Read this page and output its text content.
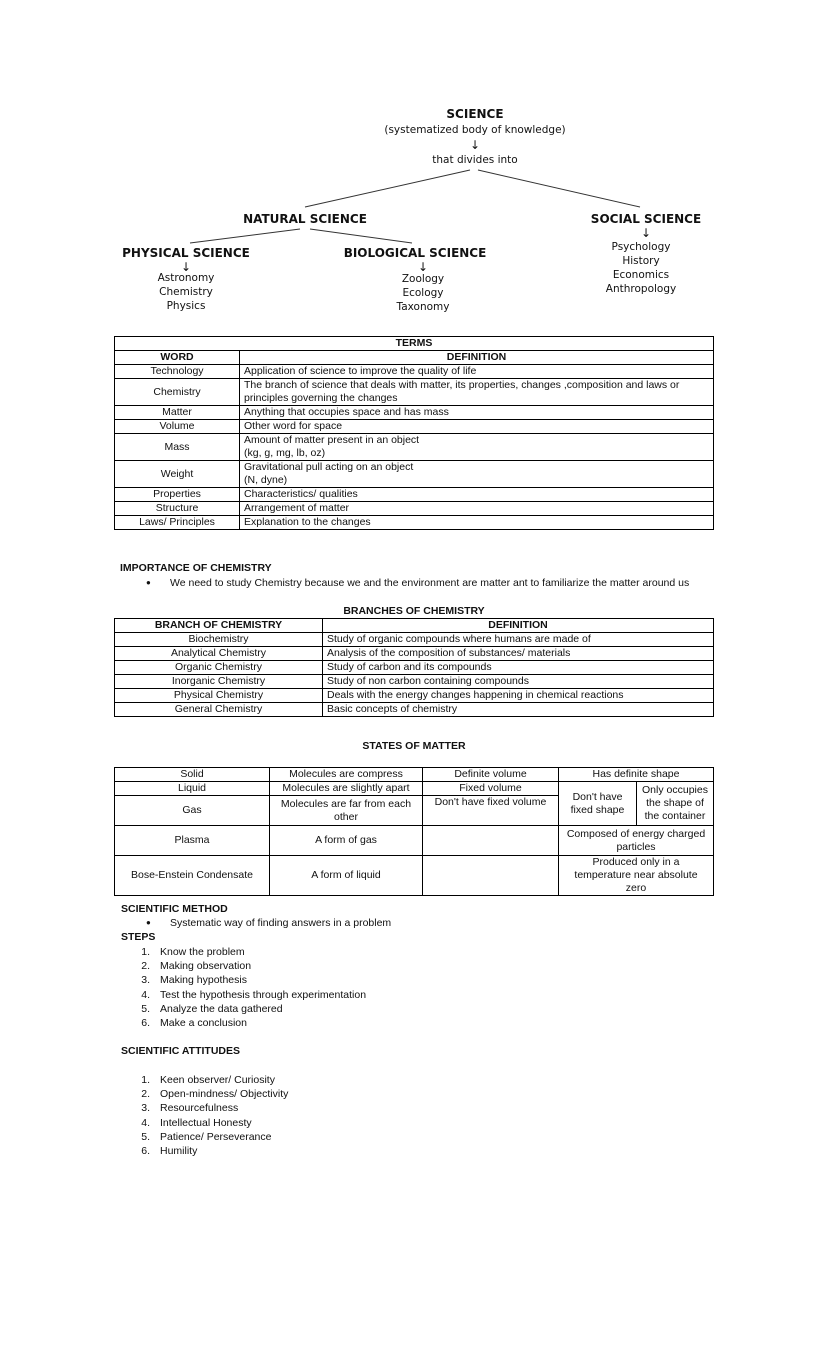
SCIENCE
(systematized body of knowledge)
↓
that divides into
NATURAL SCIENCE	SOCIAL SCIENCE
↓
PHYSICAL SCIENCE
↓
BIOLOGICAL SCIENCE
↓
Astronomy
Chemistry
Physics
Zoology
Ecology
Taxonomy
Psychology
History
Economics
Anthropology
TERMS	
WORD	DEFINITION
Technology	Application of science to improve the quality of life
Chemistry	The branch of science that deals with matter, its properties, changes ,composition and laws or principles governing the changes
Matter	Anything that occupies space and has mass
Volume	Other word for space
Mass	Amount of matter present in an object
(kg, g, mg, lb, oz)

Weight	Gravitational pull acting on an object
(N, dyne)

Properties	Characteristics/ qualities
Structure	Arrangement of matter
Laws/ Principles	Explanation to the changes
IMPORTANCE OF CHEMISTRY
● We need to study Chemistry because we and the environment are matter ant to familiarize the matter around us
BRANCHES OF CHEMISTRY
BRANCH OF CHEMISTRY	DEFINITION
Biochemistry	Study of organic compounds where humans are made of
Analytical Chemistry	Analysis of the composition of substances/ materials
Organic Chemistry	Study of carbon and its compounds
Inorganic Chemistry	Study of non carbon containing compounds
Physical Chemistry	Deals with the energy changes happening in chemical reactions
General Chemistry	Basic concepts of chemistry
STATES OF MATTER
Solid	Molecules are compress	Definite volume	Has definite shape	
Liquid	Molecules are slightly apart	Fixed volume	Don't have fixed shape	Only occupies the shape of the container
Gas	Molecules are far from each other	Don't have fixed volume		
Plasma	A form of gas		Composed of energy charged particles	
Bose-Enstein Condensate	A form of liquid		Produced only in a temperature near absolute zero	
SCIENTIFIC METHOD
● Systematic way of finding answers in a problem
STEPS
1. Know the problem
2. Making observation
3. Making hypothesis
4. Test the hypothesis through experimentation
5. Analyze the data gathered
6. Make a conclusion
SCIENTIFIC ATTITUDES
1. Keen observer/ Curiosity
2. Open-mindness/ Objectivity
3. Resourcefulness
4. Intellectual Honesty
5. Patience/ Perseverance
6. Humility
